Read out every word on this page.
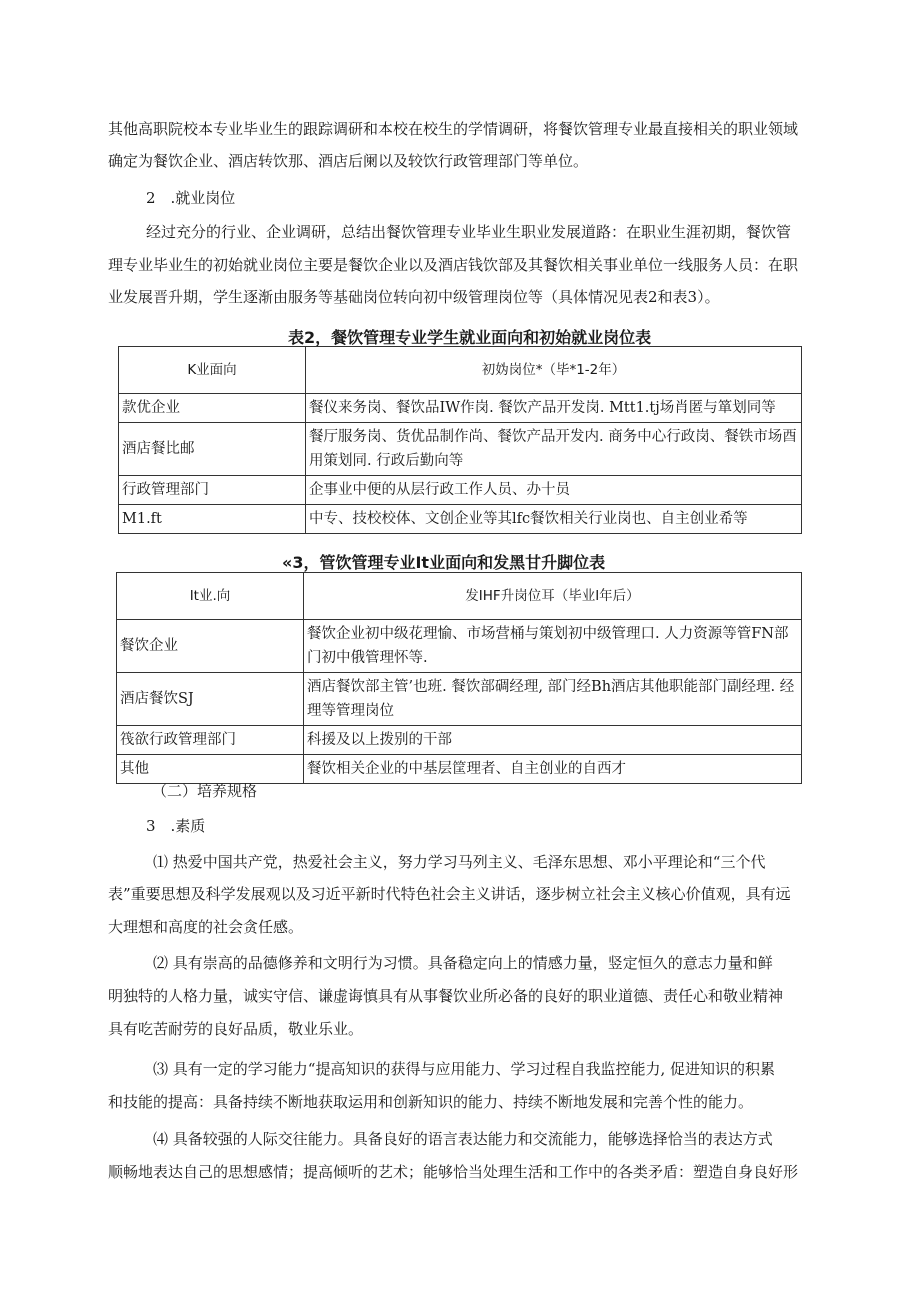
其他高职院校本专业毕业生的跟踪调研和本校在校生的学情调研，将餐饮管理专业最直接相关的职业领域
确定为餐饮企业、酒店转饮那、酒店后阑以及较饮行政管理部门等单位。
2　.就业岗位
经过充分的行业、企业调研，总结出餐饮管理专业毕业生职业发展道路：在职业生涯初期，餐饮管
理专业毕业生的初始就业岗位主要是餐饮企业以及酒店钱饮部及其餐饮相关事业单位一线服务人员：在职
业发展晋升期，学生逐渐由服务等基础岗位转向初中级管理岗位等（具体情况见表2和表3）。
表2，餐饮管理专业学生就业面向和初始就业岗位表
K业面向	初妫岗位*（毕*1-2年）
款优企业	餐仪来务岗、餐饮品IW作岗. 餐饮产品开发岗. Mtt1.tj场肖匿与箪划同等
酒店餐比邮	餐厅服务岗、货优品制作尚、餐饮产品开发内. 商务中心行政岗、餐铁市场酉用策划同. 行政后勤向等
行政管理部门	企事业中便的从层行政工作人员、办十员
M1.ft	中专、技校校体、文创企业等其lfc餐饮相关行业岗也、自主创业希等
«3，管饮管理专业It业面向和发黑甘升脚位表
It业.向	发IHF升岗位耳（毕业I年后）
餐饮企业	餐饮企业初中级花理愉、市场营桶与策划初中级管理口. 人力资源等管FN部门初中俄管理怀等.
酒店餐饮SJ	酒店餐饮部主管’也班. 餐饮部碉经理, 部门经Bh酒店其他职能部门副经理. 经理等管理岗位
筏欲行政管理部门	科援及以上拨别的干部
其他	餐饮相关企业的中基层筐理者、自主创业的自西才
（二）培养规格
3　.素质
⑴ 热爱中国共产党，热爱社会主义，努力学习马列主义、毛泽东思想、邓小平理论和“三个代
表”重要思想及科学发展观以及习近平新时代特色社会主义讲话，逐步树立社会主义核心价值观，具有远
大理想和高度的社会贪任感。
⑵ 具有崇高的品德修养和文明行为习惯。具备稳定向上的情感力量，竖定恒久的意志力量和鲜
明独特的人格力量，诚实守信、谦虚诲慎具有从事餐饮业所必备的良好的职业道德、责任心和敬业精神
具有吃苦耐劳的良好品质，敬业乐业。
⑶ 具有一定的学习能力“提高知识的获得与应用能力、学习过程自我监控能力, 促进知识的积累
和技能的提高：具备持续不断地获取运用和创新知识的能力、持续不断地发展和完善个性的能力。
⑷ 具备较强的人际交往能力。具备良好的语言表达能力和交流能力，能够选择恰当的表达方式
顺畅地表达自己的思想感情；提高倾听的艺术；能够恰当处理生活和工作中的各类矛盾：塑造自身良好形
